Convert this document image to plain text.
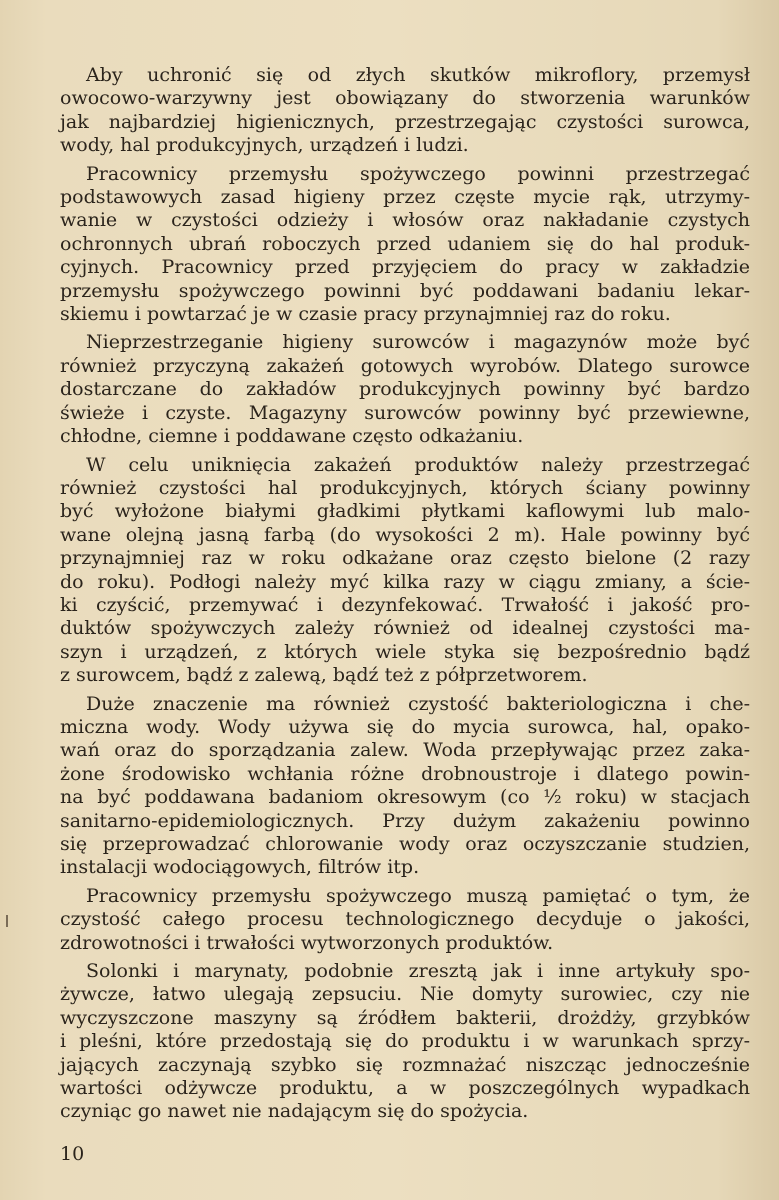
Aby uchronić się od złych skutków mikroflory, przemysł
owocowo-warzywny jest obowiązany do stworzenia warunków
jak najbardziej higienicznych, przestrzegając czystości surowca,
wody, hal produkcyjnych, urządzeń i ludzi.
Pracownicy przemysłu spożywczego powinni przestrzegać
podstawowych zasad higieny przez częste mycie rąk, utrzymy-
wanie w czystości odzieży i włosów oraz nakładanie czystych
ochronnych ubrań roboczych przed udaniem się do hal produk-
cyjnych. Pracownicy przed przyjęciem do pracy w zakładzie
przemysłu spożywczego powinni być poddawani badaniu lekar-
skiemu i powtarzać je w czasie pracy przynajmniej raz do roku.
Nieprzestrzeganie higieny surowców i magazynów może być
również przyczyną zakażeń gotowych wyrobów. Dlatego surowce
dostarczane do zakładów produkcyjnych powinny być bardzo
świeże i czyste. Magazyny surowców powinny być przewiewne,
chłodne, ciemne i poddawane często odkażaniu.
W celu uniknięcia zakażeń produktów należy przestrzegać
również czystości hal produkcyjnych, których ściany powinny
być wyłożone białymi gładkimi płytkami kaflowymi lub malo-
wane olejną jasną farbą (do wysokości 2 m). Hale powinny być
przynajmniej raz w roku odkażane oraz często bielone (2 razy
do roku). Podłogi należy myć kilka razy w ciągu zmiany, a ście-
ki czyścić, przemywać i dezynfekować. Trwałość i jakość pro-
duktów spożywczych zależy również od idealnej czystości ma-
szyn i urządzeń, z których wiele styka się bezpośrednio bądź
z surowcem, bądź z zalewą, bądź też z półprzetworem.
Duże znaczenie ma również czystość bakteriologiczna i che-
miczna wody. Wody używa się do mycia surowca, hal, opako-
wań oraz do sporządzania zalew. Woda przepływając przez zaka-
żone środowisko wchłania różne drobnoustroje i dlatego powin-
na być poddawana badaniom okresowym (co ½ roku) w stacjach
sanitarno-epidemiologicznych. Przy dużym zakażeniu powinno
się przeprowadzać chlorowanie wody oraz oczyszczanie studzien,
instalacji wodociągowych, filtrów itp.
Pracownicy przemysłu spożywczego muszą pamiętać o tym, że
czystość całego procesu technologicznego decyduje o jakości,
zdrowotności i trwałości wytworzonych produktów.
Solonki i marynaty, podobnie zresztą jak i inne artykuły spo-
żywcze, łatwo ulegają zepsuciu. Nie domyty surowiec, czy nie
wyczyszczone maszyny są źródłem bakterii, drożdży, grzybków
i pleśni, które przedostają się do produktu i w warunkach sprzy-
jających zaczynają szybko się rozmnażać niszcząc jednocześnie
wartości odżywcze produktu, a w poszczególnych wypadkach
czyniąc go nawet nie nadającym się do spożycia.
10
